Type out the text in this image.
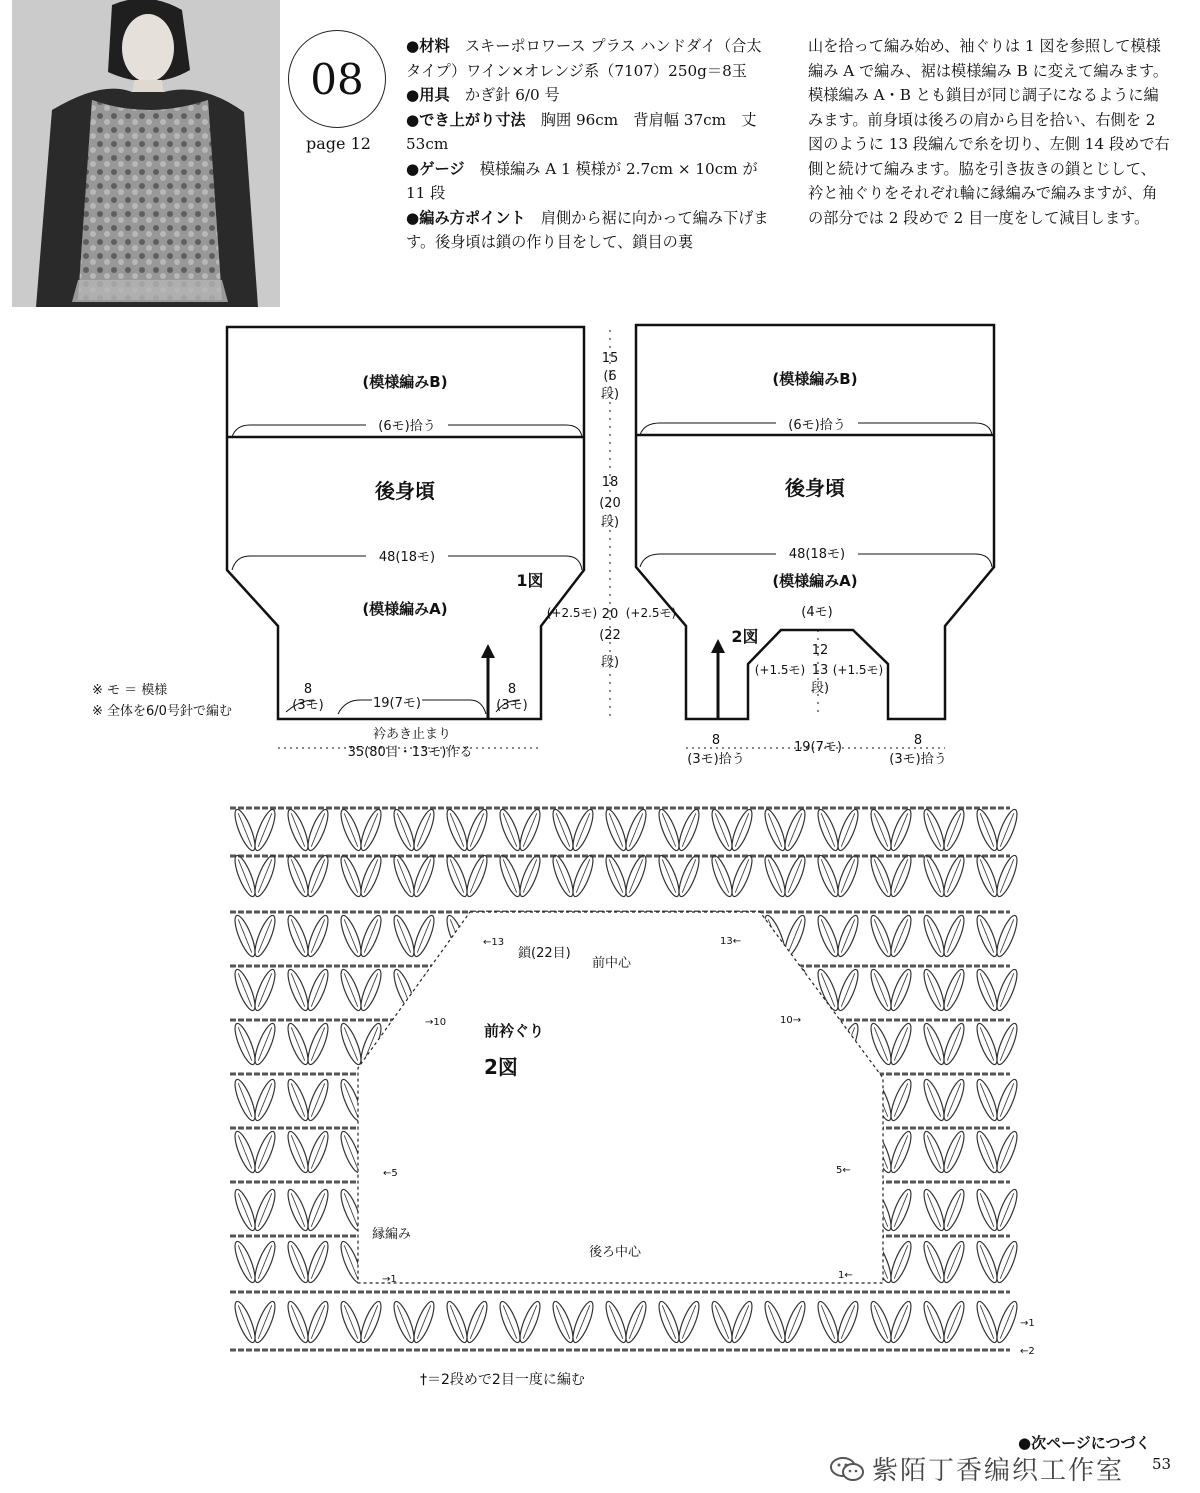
08
page 12

●材料　 スキーポロワース プラス ハンドダイ（合太タイプ）ワイン×オレンジ系（7107）250g＝8玉

●用具　 かぎ針 6/0 号

●でき上がり寸法　 胸囲 96cm　背肩幅 37cm　丈 53cm

●ゲージ　 模様編み A 1 模様が 2.7cm × 10cm が 11 段

●編み方ポイント　 肩側から裾に向かって編み下げます。後身頃は鎖の作り目をして、鎖目の裏

山を拾って編み始め、袖ぐりは 1 図を参照して模様編み A で編み、裾は模様編み B に変えて編みます。模様編み A・B とも鎖目が同じ調子になるように編みます。前身頃は後ろの肩から目を拾い、右側を 2 図のように 13 段編んで糸を切り、左側 14 段めで右側と続けて編みます。脇を引き抜きの鎖とじして、衿と袖ぐりをそれぞれ輪に縁編みで編みますが、角の部分では 2 段めで 2 目一度をして減目します。

※ モ ＝ 模様
※ 全体を6/0号針で編む
(模様編みB)
後身頃
(模様編みA)
1図
(模様編みB)
後身頃
(模様編みA)
2図
(6モ)拾う
48(18モ)
8
(3モ)	19(7モ)
8
(3モ)
衿あき止まり
35(80目・13モ)作る
(+2.5モ)
15
(6
段)
18
(20
段)
20
(22
段)
48(18モ)
(6モ)拾う
(+2.5モ)	(4モ)
12
(+1.5モ) 13
段)
(+1.5モ)
8
(3モ)拾う
19(7モ)	8
(3モ)拾う
前衿ぐり
2図
鎖(22目)
前中心
後ろ中心
縁編み
←13	13←
→10	10→
←5	5←
→1	1←
→1
←2
†＝2段めで2目一度に編む
●次ページにつづく
紫陌丁香编织工作室 53
